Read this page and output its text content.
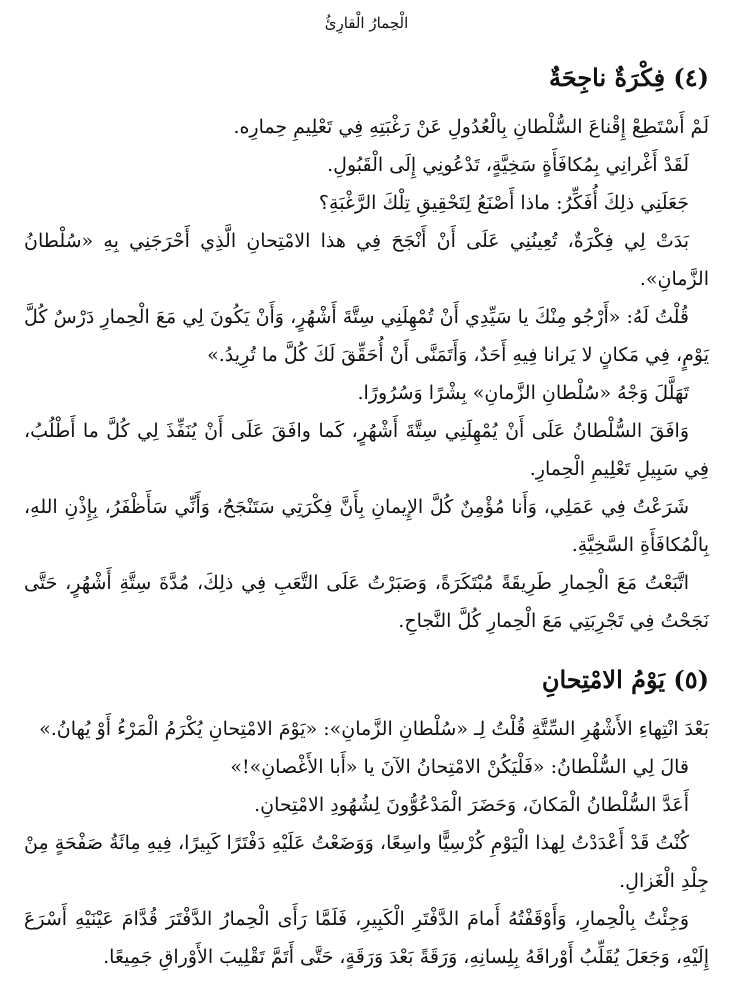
الْحِمارُ الْقارِئُ
(٤) فِكْرَةٌ ناجِحَةٌ

لَمْ أَسْتَطِعْ إِقْناعَ السُّلْطانِ بِالْعُدُولِ عَنْ رَغْبَتِهِ فِي تَعْلِيمِ حِمارِه.

لَقَدْ أَغْرانِي بِمُكافَأَةٍ سَخِيَّةٍ، تَدْعُونِي إِلَى الْقَبُولِ.

جَعَلَنِي ذلِكَ أُفَكِّرُ: ماذا أَصْنَعُ لِتَحْقِيقِ تِلْكَ الرَّغْبَةِ؟

بَدَتْ لِي فِكْرَةٌ، تُعِينُنِي عَلَى أَنْ أَنْجَحَ فِي هذا الامْتِحانِ الَّذِي أَحْرَجَنِي بِهِ «سُلْطانُ الزَّمانِ».

قُلْتُ لَهُ: «أَرْجُو مِنْكَ يا سَيِّدِي أَنْ تُمْهِلَنِي سِتَّةَ أَشْهُرٍ، وَأَنْ يَكُونَ لِي مَعَ الْحِمارِ دَرْسٌ كُلَّ يَوْمٍ، فِي مَكانٍ لا يَرانا فِيهِ أَحَدٌ، وَأَتَمَنَّى أَنْ أُحَقِّقَ لَكَ كُلَّ ما تُرِيدُ.»

تَهَلَّلَ وَجْهُ «سُلْطانِ الزَّمانِ» بِشْرًا وَسُرُورًا.

وَافَقَ السُّلْطانُ عَلَى أَنْ يُمْهِلَنِي سِتَّةَ أَشْهُرٍ، كَما وافَقَ عَلَى أَنْ يُنَفِّذَ لِي كُلَّ ما أَطْلُبُ، فِي سَبِيلِ تَعْلِيمِ الْحِمارِ.

شَرَعْتُ فِي عَمَلِي، وَأَنا مُؤْمِنٌ كُلَّ الإِيمانِ بِأَنَّ فِكْرَتِي سَتَنْجَحُ، وَأَنِّي سَأَظْفَرُ، بِإِذْنِ اللهِ، بِالْمُكافَأَةِ السَّخِيَّةِ.

اتَّبَعْتُ مَعَ الْحِمارِ طَرِيقَةً مُبْتَكَرَةً، وَصَبَرْتُ عَلَى التَّعَبِ فِي ذلِكَ، مُدَّةَ سِتَّةِ أَشْهُرٍ، حَتَّى نَجَحْتُ فِي تَجْرِبَتِي مَعَ الْحِمارِ كُلَّ النَّجاحِ.

(٥) يَوْمُ الامْتِحانِ

بَعْدَ انْتِهاءِ الأَشْهُرِ السِّتَّةِ قُلْتُ لِـ «سُلْطانِ الزَّمانِ»: «يَوْمَ الامْتِحانِ يُكْرَمُ الْمَرْءُ أَوْ يُهانُ.»

قالَ لِي السُّلْطانُ: «فَلْيَكُنْ الامْتِحانُ الآنَ يا «أَبا الأَغْصانِ»!»

أَعَدَّ السُّلْطانُ الْمَكانَ، وَحَضَرَ الْمَدْعُوُّونَ لِشُهُودِ الامْتِحانِ.

كُنْتُ قَدْ أَعْدَدْتُ لِهذا الْيَوْمِ كُرْسِيًّا واسِعًا، وَوَضَعْتُ عَلَيْهِ دَفْتَرًا كَبِيرًا، فِيهِ مِائَةُ صَفْحَةٍ مِنْ جِلْدِ الْغَزالِ.

وَجِئْتُ بِالْحِمارِ، وَأَوْقَفْتُهُ أَمامَ الدَّفْتَرِ الْكَبِيرِ، فَلَمَّا رَأَى الْحِمارُ الدَّفْتَرَ قُدَّامَ عَيْنَيْهِ أَسْرَعَ إِلَيْهِ، وَجَعَلَ يُقَلِّبُ أَوْراقَهُ بِلِسانِهِ، وَرَقَةً بَعْدَ وَرَقَةٍ، حَتَّى أَتَمَّ تَقْلِيبَ الأَوْراقِ جَمِيعًا.
